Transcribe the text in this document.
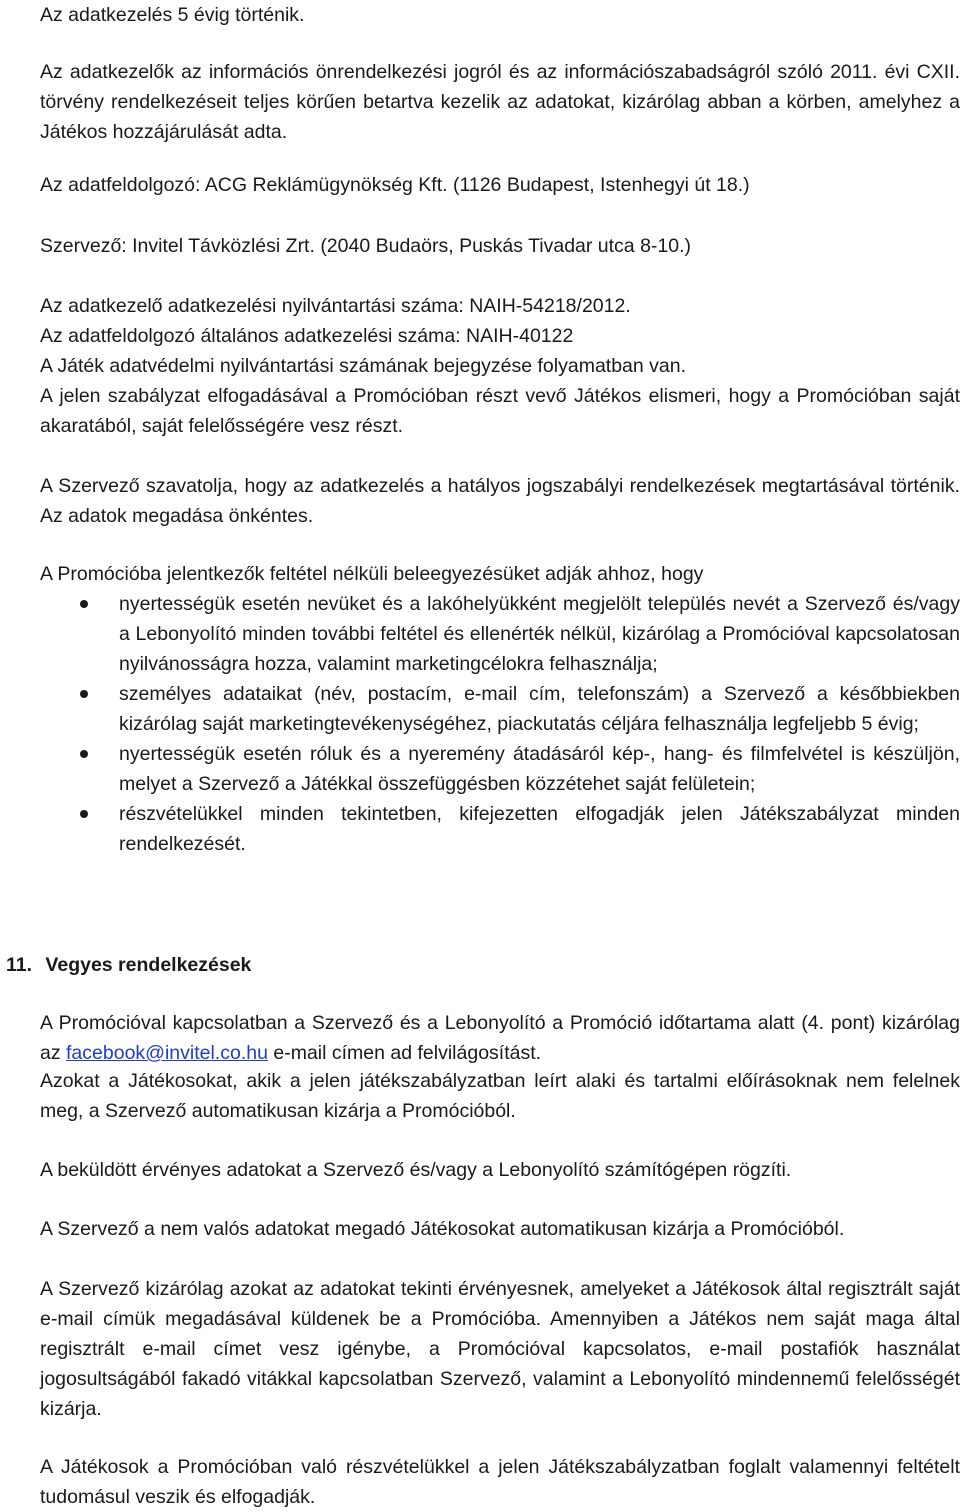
Az adatkezelés 5 évig történik.

Az adatkezelők az információs önrendelkezési jogról és az információszabadságról szóló 2011. évi CXII. törvény rendelkezéseit teljes körűen betartva kezelik az adatokat, kizárólag abban a körben, amelyhez a Játékos hozzájárulását adta.

Az adatfeldolgozó: ACG Reklámügynökség Kft. (1126 Budapest, Istenhegyi út 18.)

Szervező: Invitel Távközlési Zrt. (2040 Budaörs, Puskás Tivadar utca 8-10.)

Az adatkezelő adatkezelési nyilvántartási száma: NAIH-54218/2012.

Az adatfeldolgozó általános adatkezelési száma: NAIH-40122

A Játék adatvédelmi nyilvántartási számának bejegyzése folyamatban van.

A jelen szabályzat elfogadásával a Promócióban részt vevő Játékos elismeri, hogy a Promócióban saját akaratából, saját felelősségére vesz részt.

A Szervező szavatolja, hogy az adatkezelés a hatályos jogszabályi rendelkezések megtartásával történik. Az adatok megadása önkéntes.

A Promócióba jelentkezők feltétel nélküli beleegyezésüket adják ahhoz, hogy

nyertességük esetén nevüket és a lakóhelyükként megjelölt település nevét a Szervező és/vagy a Lebonyolító minden további feltétel és ellenérték nélkül, kizárólag a Promócióval kapcsolatosan nyilvánosságra hozza, valamint marketingcélokra felhasználja;
személyes adataikat (név, postacím, e-mail cím, telefonszám) a Szervező a későbbiekben kizárólag saját marketingtevékenységéhez, piackutatás céljára felhasználja legfeljebb 5 évig;
nyertességük esetén róluk és a nyeremény átadásáról kép-, hang- és filmfelvétel is készüljön, melyet a Szervező a Játékkal összefüggésben közzétehet saját felületein;
részvételükkel minden tekintetben, kifejezetten elfogadják jelen Játékszabályzat minden rendelkezését.
11. Vegyes rendelkezések

A Promócióval kapcsolatban a Szervező és a Lebonyolító a Promóció időtartama alatt (4. pont) kizárólag az facebook@invitel.co.hu e-mail címen ad felvilágosítást.

Azokat a Játékosokat, akik a jelen játékszabályzatban leírt alaki és tartalmi előírásoknak nem felelnek meg, a Szervező automatikusan kizárja a Promócióból.

A beküldött érvényes adatokat a Szervező és/vagy a Lebonyolító számítógépen rögzíti.

A Szervező a nem valós adatokat megadó Játékosokat automatikusan kizárja a Promócióból.

A Szervező kizárólag azokat az adatokat tekinti érvényesnek, amelyeket a Játékosok által regisztrált saját e-mail címük megadásával küldenek be a Promócióba. Amennyiben a Játékos nem saját maga által regisztrált e-mail címet vesz igénybe, a Promócióval kapcsolatos, e-mail postafiók használat jogosultságából fakadó vitákkal kapcsolatban Szervező, valamint a Lebonyolító mindennemű felelősségét kizárja.

A Játékosok a Promócióban való részvételükkel a jelen Játékszabályzatban foglalt valamennyi feltételt tudomásul veszik és elfogadják.
